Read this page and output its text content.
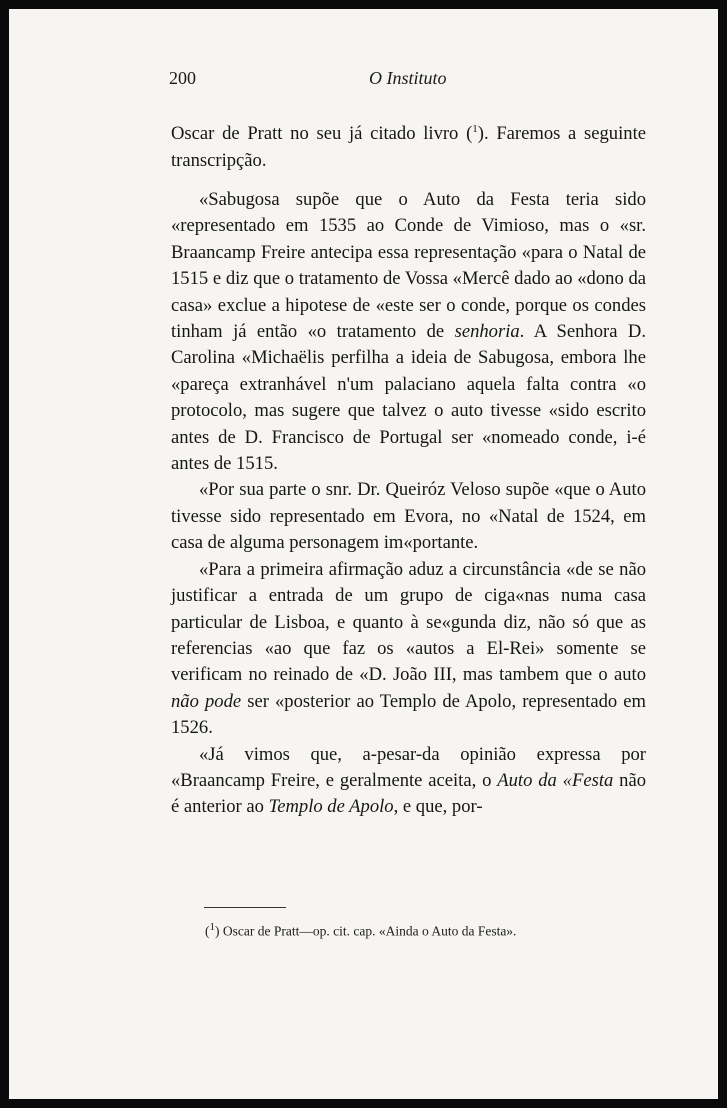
200	O Instituto

Oscar de Pratt no seu já citado livro ($^1$). Faremos a seguinte transcripção.

«Sabugosa supõe que o Auto da Festa teria sido «representado em 1535 ao Conde de Vimioso, mas o «sr. Braancamp Freire antecipa essa representação «para o Natal de 1515 e diz que o tratamento de Vossa «Mercê dado ao «dono da casa» exclue a hipotese de «este ser o conde, porque os condes tinham já então «o tratamento de senhoria. A Senhora D. Carolina «Michaëlis perfilha a ideia de Sabugosa, embora lhe «pareça extranhável n'um palaciano aquela falta contra «o protocolo, mas sugere que talvez o auto tivesse «sido escrito antes de D. Francisco de Portugal ser «nomeado conde, i-é antes de 1515.

«Por sua parte o snr. Dr. Queiróz Veloso supõe «que o Auto tivesse sido representado em Evora, no «Natal de 1524, em casa de alguma personagem im«portante.

«Para a primeira afirmação aduz a circunstância «de se não justificar a entrada de um grupo de ciga«nas numa casa particular de Lisboa, e quanto à se«gunda diz, não só que as referencias «ao que faz os «autos a El-Rei» somente se verificam no reinado de «D. João III, mas tambem que o auto não pode ser «posterior ao Templo de Apolo, representado em 1526.

«Já vimos que, a-pesar-da opinião expressa por «Braancamp Freire, e geralmente aceita, o Auto da «Festa não é anterior ao Templo de Apolo, e que, por-

($^1$) Oscar de Pratt—op. cit. cap. «Ainda o Auto da Festa».
